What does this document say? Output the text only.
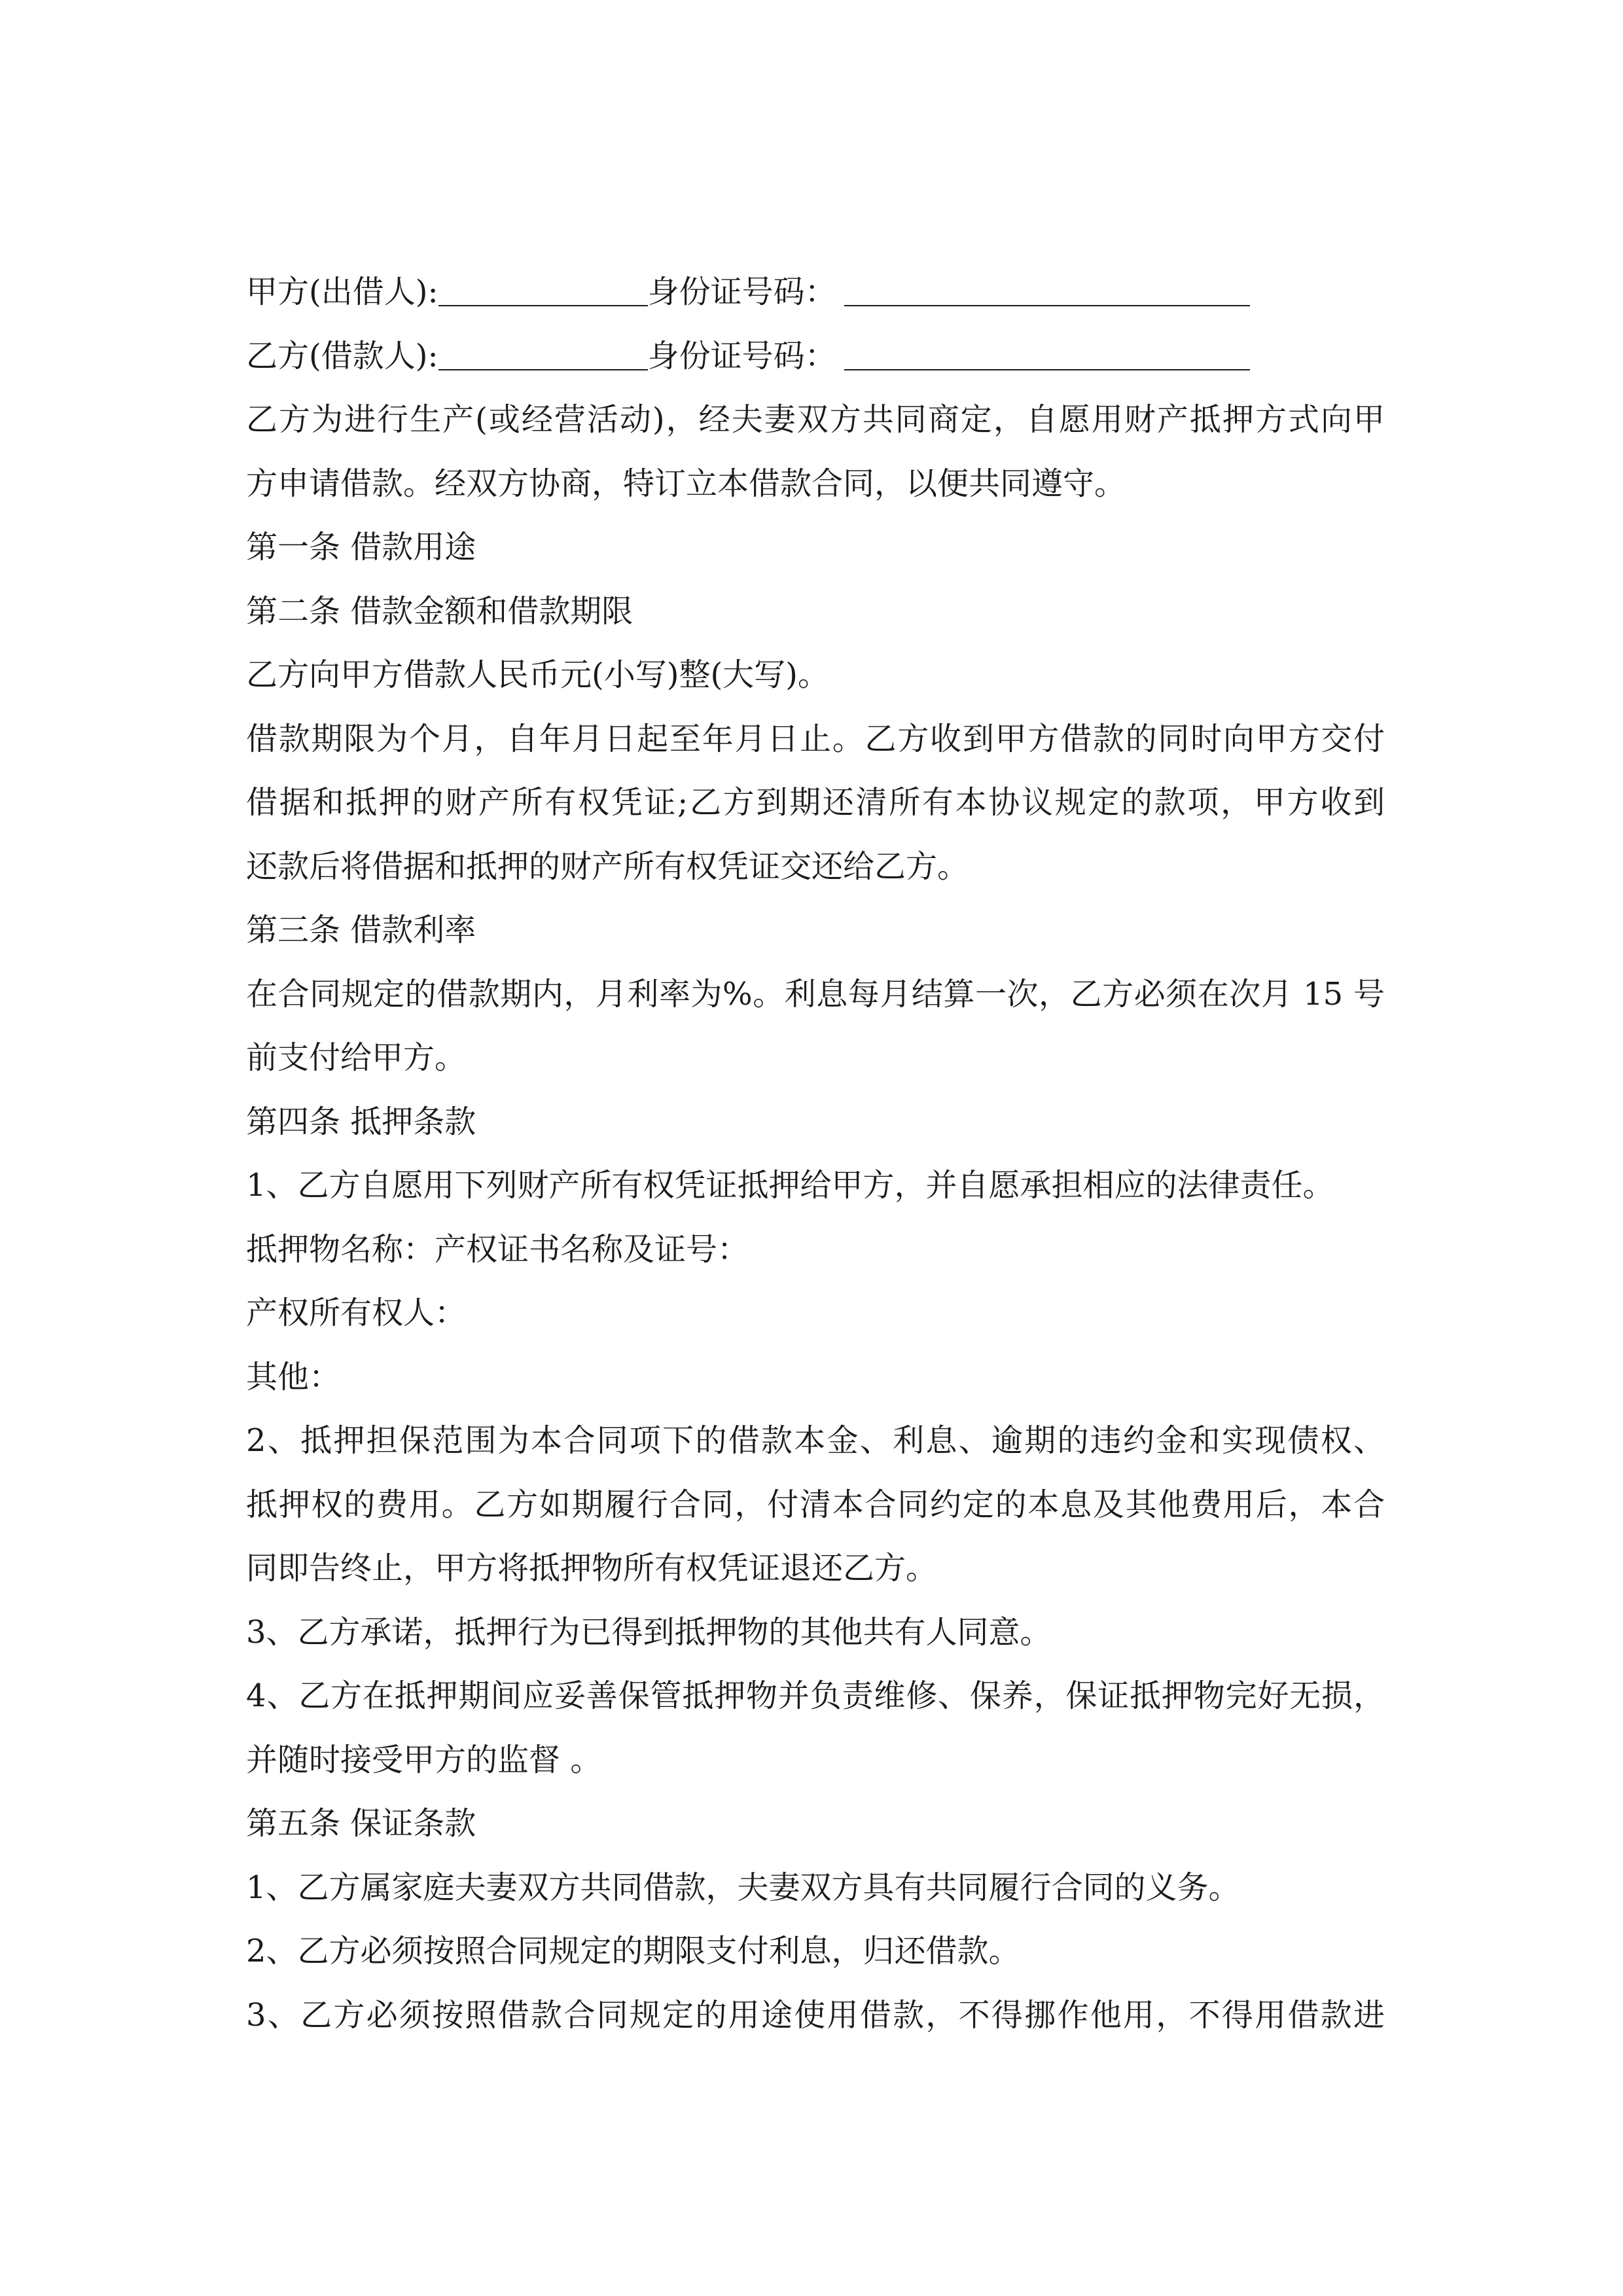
甲方(出借人):	身份证号码：
乙方(借款人):	身份证号码：
乙方为进行生产(或经营活动)，经夫妻双方共同商定，自愿用财产抵押方式向甲
方申请借款。经双方协商，特订立本借款合同，以便共同遵守。
第一条 借款用途
第二条 借款金额和借款期限
乙方向甲方借款人民币元(小写)整(大写)。
借款期限为个月，自年月日起至年月日止。乙方收到甲方借款的同时向甲方交付
借据和抵押的财产所有权凭证;乙方到期还清所有本协议规定的款项，甲方收到
还款后将借据和抵押的财产所有权凭证交还给乙方。
第三条 借款利率
在合同规定的借款期内，月利率为%。利息每月结算一次，乙方必须在次月 15 号
前支付给甲方。
第四条 抵押条款
1、乙方自愿用下列财产所有权凭证抵押给甲方，并自愿承担相应的法律责任。
抵押物名称：产权证书名称及证号：
产权所有权人：
其他：
2、抵押担保范围为本合同项下的借款本金、利息、逾期的违约金和实现债权、
抵押权的费用。乙方如期履行合同，付清本合同约定的本息及其他费用后，本合
同即告终止，甲方将抵押物所有权凭证退还乙方。
3、乙方承诺，抵押行为已得到抵押物的其他共有人同意。
4、乙方在抵押期间应妥善保管抵押物并负责维修、保养，保证抵押物完好无损，
并随时接受甲方的监督 。
第五条 保证条款
1、乙方属家庭夫妻双方共同借款，夫妻双方具有共同履行合同的义务。
2、乙方必须按照合同规定的期限支付利息，归还借款。
3、乙方必须按照借款合同规定的用途使用借款，不得挪作他用，不得用借款进
